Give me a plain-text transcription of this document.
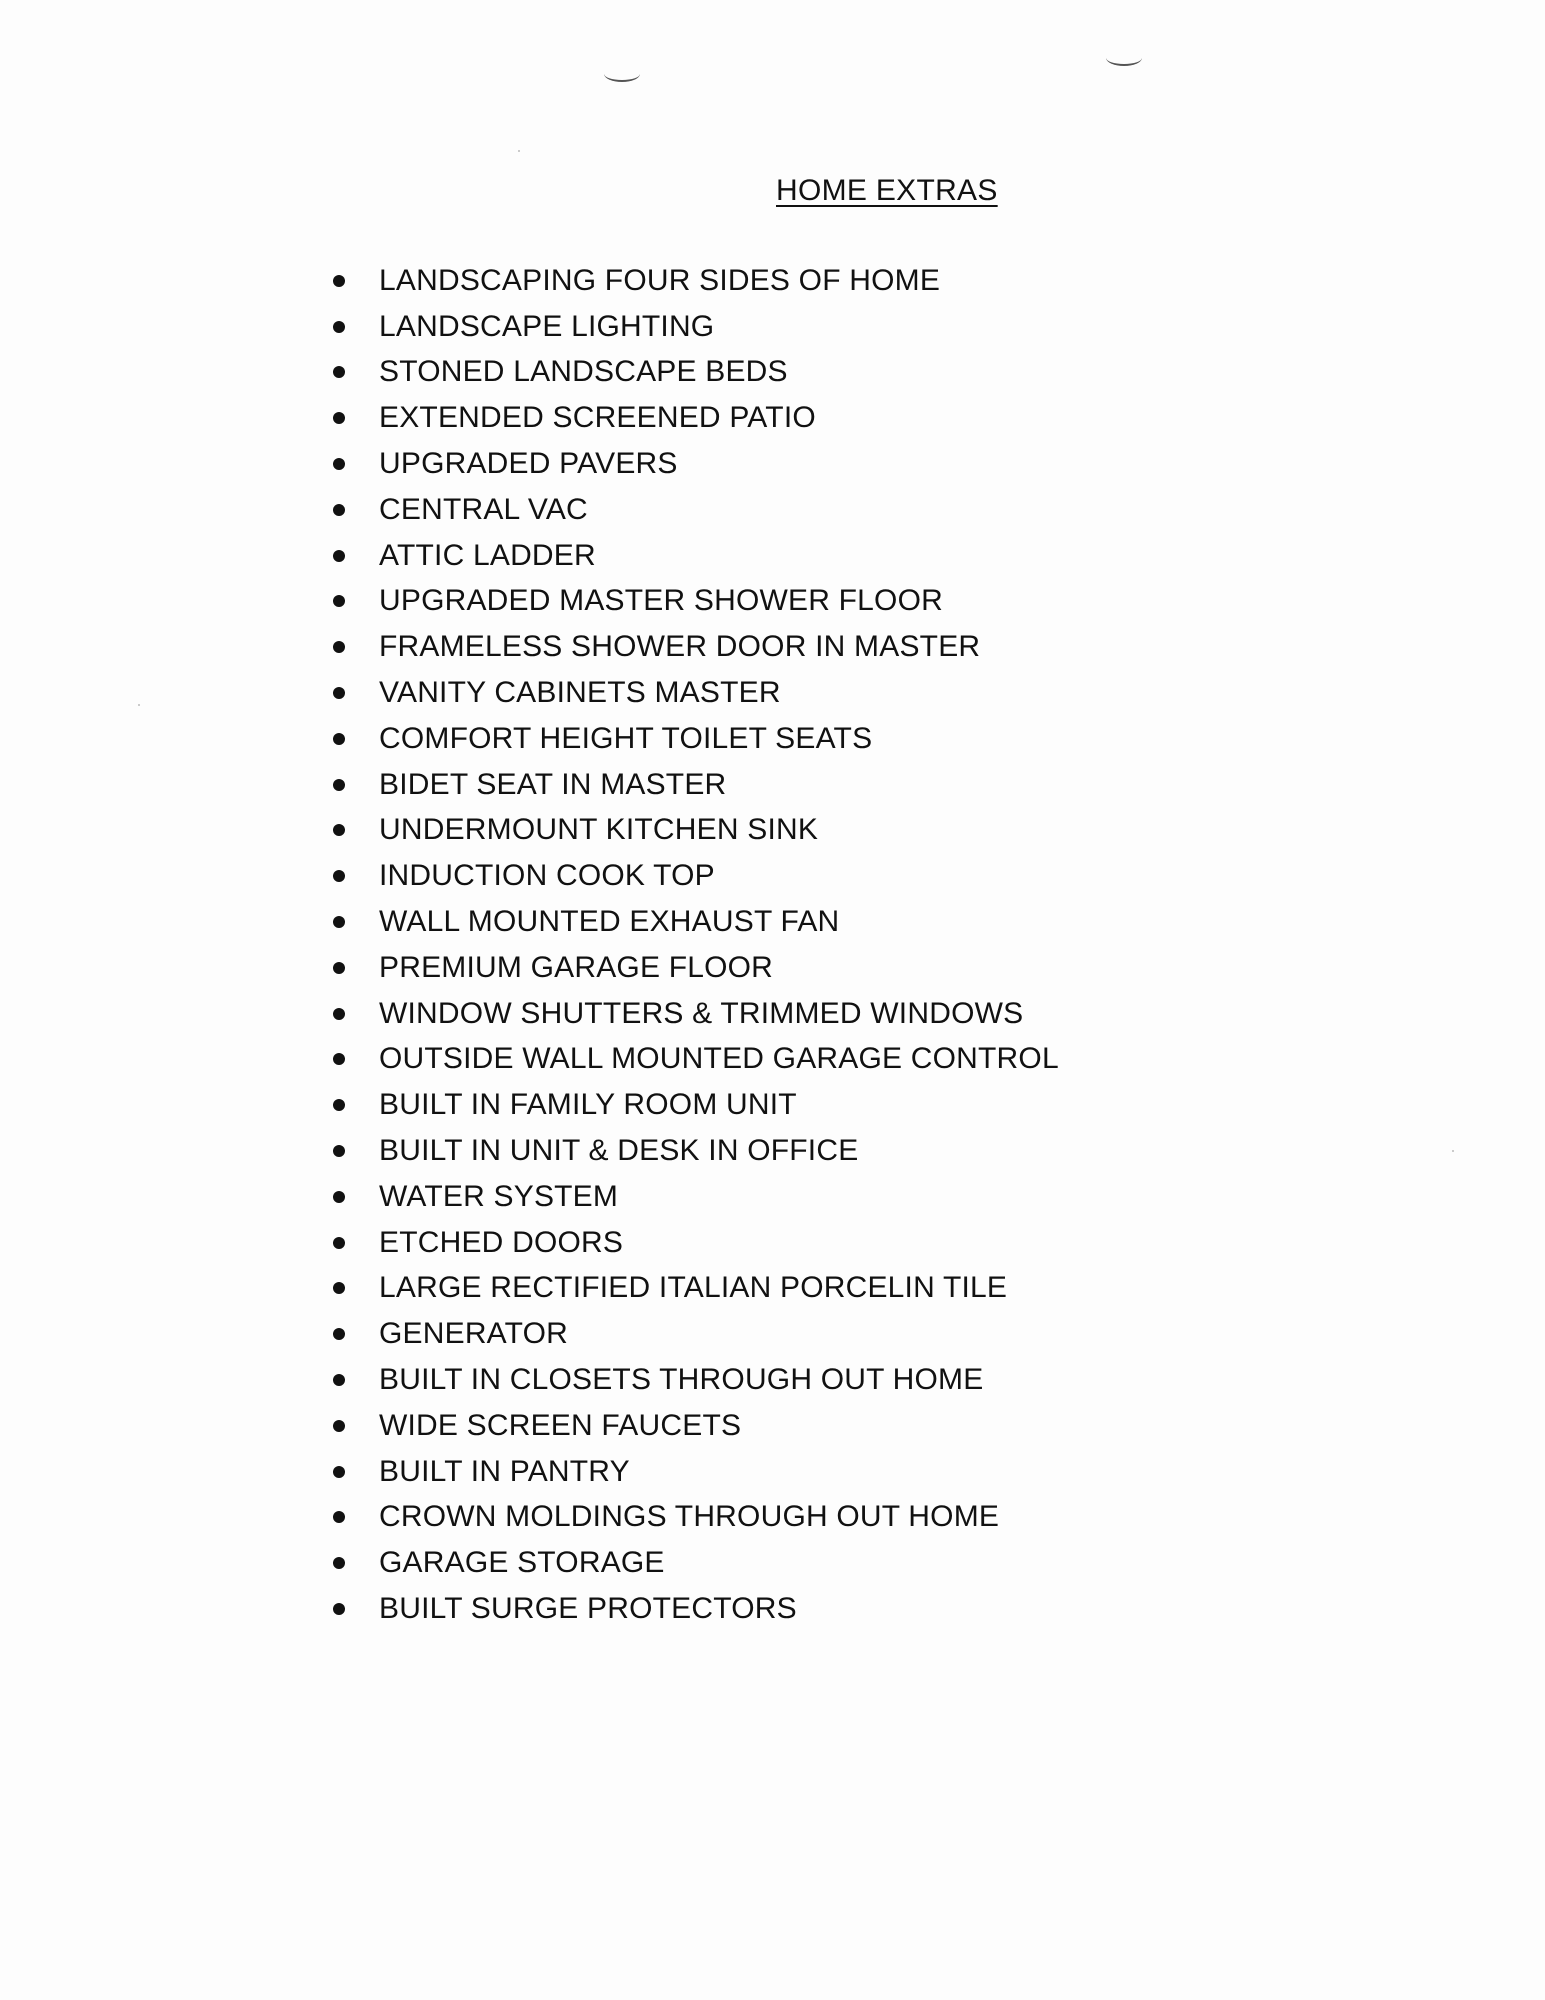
HOME EXTRAS
LANDSCAPING FOUR SIDES OF HOME
LANDSCAPE LIGHTING
STONED LANDSCAPE BEDS
EXTENDED SCREENED PATIO
UPGRADED PAVERS
CENTRAL VAC
ATTIC LADDER
UPGRADED MASTER SHOWER FLOOR
FRAMELESS SHOWER DOOR IN MASTER
VANITY CABINETS MASTER
COMFORT HEIGHT TOILET SEATS
BIDET SEAT IN MASTER
UNDERMOUNT KITCHEN SINK
INDUCTION COOK TOP
WALL MOUNTED EXHAUST FAN
PREMIUM GARAGE FLOOR
WINDOW SHUTTERS & TRIMMED WINDOWS
OUTSIDE WALL MOUNTED GARAGE CONTROL
BUILT IN FAMILY ROOM UNIT
BUILT IN UNIT & DESK IN OFFICE
WATER SYSTEM
ETCHED DOORS
LARGE RECTIFIED ITALIAN PORCELIN TILE
GENERATOR
BUILT IN CLOSETS THROUGH OUT HOME
WIDE SCREEN FAUCETS
BUILT IN PANTRY
CROWN MOLDINGS THROUGH OUT HOME
GARAGE STORAGE
BUILT SURGE PROTECTORS
